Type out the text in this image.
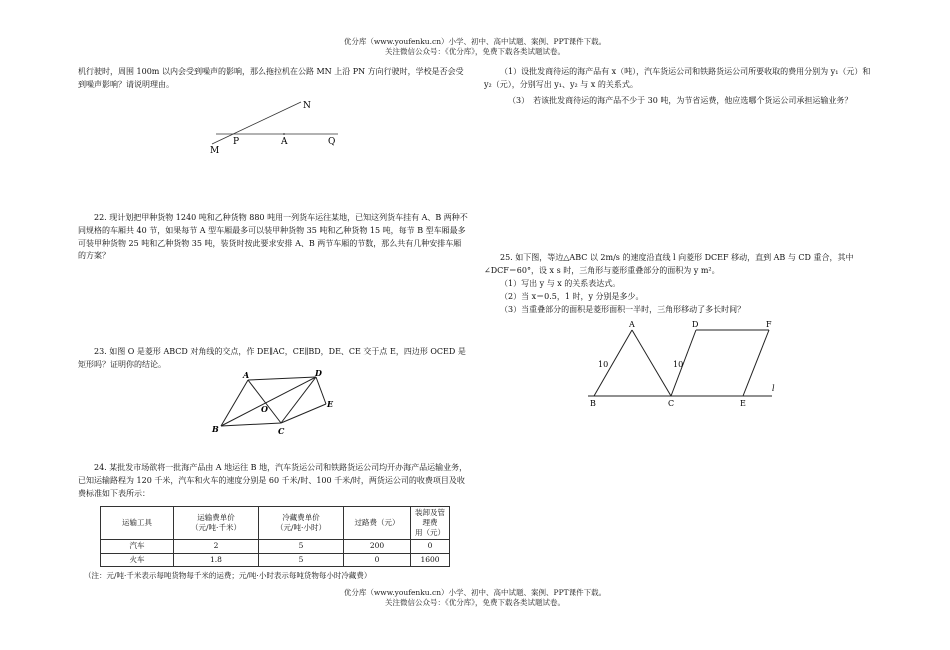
优分库（www.youfenku.cn）小学、初中、高中试题、案例、PPT课件下载。
关注微信公众号：《优分库》，免费下载各类试题试卷。

机行驶时，周围 100m 以内会受到噪声的影响，那么拖拉机在公路 MN 上沿 PN 方向行驶时，学校是否会受到噪声影响？请说明理由。

N
M
P	A	Q

22. 现计划把甲种货物 1240 吨和乙种货物 880 吨用一列货车运往某地，已知这列货车挂有 A、B 两种不同规格的车厢共 40 节，如果每节 A 型车厢最多可以装甲种货物 35 吨和乙种货物 15 吨，每节 B 型车厢最多可装甲种货物 25 吨和乙种货物 35 吨，装货时按此要求安排 A、B 两节车厢的节数，那么共有几种安排车厢的方案？

23. 如图 O 是菱形 ABCD 对角线的交点，作 DE∥AC，CE∥BD，DE、CE 交于点 E，四边形 OCED 是矩形吗？证明你的结论。

A	D
B	C
E
O

24. 某批发市场欲将一批海产品由 A 地运往 B 地，汽车货运公司和铁路货运公司均开办海产品运输业务，已知运输路程为 120 千米，汽车和火车的速度分别是 60 千米/时、100 千米/时，两货运公司的收费项目及收费标准如下表所示：

运输工具	运输费单价
（元/吨·千米）	冷藏费单价
（元/吨·小时）	过路费（元）	装卸及管理费
用（元）
汽车	2	5	200	0
火车	1.8	5	0	1600
（注：元/吨·千米表示每吨货物每千米的运费；元/吨·小时表示每吨货物每小时冷藏费）

（1）设批发商待运的海产品有 x（吨），汽车货运公司和铁路货运公司所要收取的费用分别为 y₁（元）和 y₂（元），分别写出 y₁、y₂ 与 x 的关系式。

（3）　若该批发商待运的海产品不少于 30 吨，为节省运费，他应选哪个货运公司承担运输业务？

25. 如下图，等边△ABC 以 2m/s 的速度沿直线 l 向菱形 DCEF 移动，直到 AB 与 CD 重合，其中∠DCF＝60°，设 x s 时，三角形与菱形重叠部分的面积为 y m²。

（1）写出 y 与 x 的关系表达式。

（2）当 x＝0.5，1 时，y 分别是多少。

（3）当重叠部分的面积是菱形面积一半时，三角形移动了多长时间？

A
B	C
D
E
F
l
10	10
优分库（www.youfenku.cn）小学、初中、高中试题、案例、PPT课件下载。
关注微信公众号：《优分库》，免费下载各类试题试卷。
